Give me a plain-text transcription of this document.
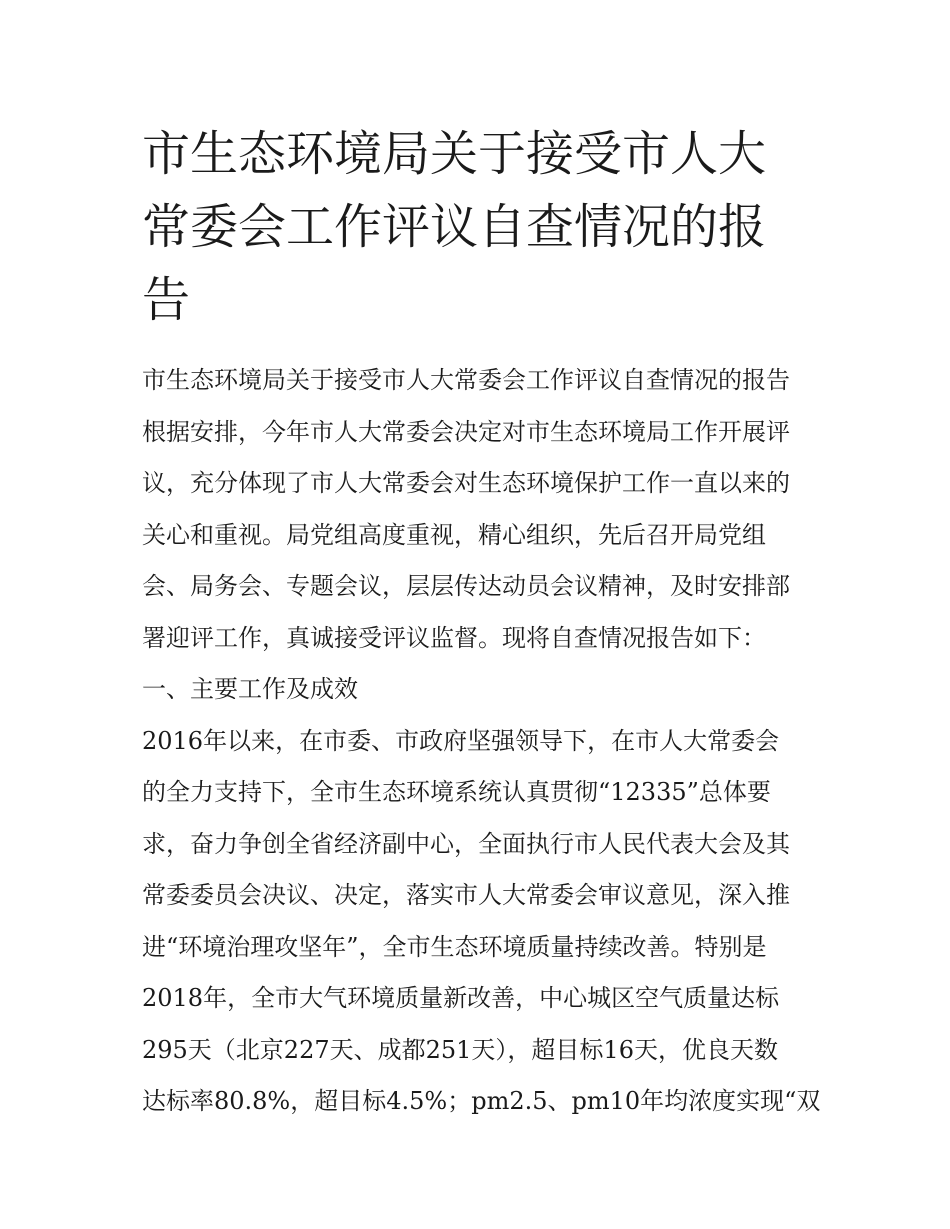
市生态环境局关于接受市人大
常委会工作评议自查情况的报
告
市生态环境局关于接受市人大常委会工作评议自查情况的报告
根据安排，今年市人大常委会决定对市生态环境局工作开展评
议，充分体现了市人大常委会对生态环境保护工作一直以来的
关心和重视。局党组高度重视，精心组织，先后召开局党组
会、局务会、专题会议，层层传达动员会议精神，及时安排部
署迎评工作，真诚接受评议监督。现将自查情况报告如下：
一、主要工作及成效
2016年以来，在市委、市政府坚强领导下，在市人大常委会
的全力支持下，全市生态环境系统认真贯彻“12335”总体要
求，奋力争创全省经济副中心，全面执行市人民代表大会及其
常委委员会决议、决定，落实市人大常委会审议意见，深入推
进“环境治理攻坚年”，全市生态环境质量持续改善。特别是
2018年，全市大气环境质量新改善，中心城区空气质量达标
295天（北京227天、成都251天），超目标16天，优良天数
达标率80.8%，超目标4.5%；pm2.5、pm10年均浓度实现“双
